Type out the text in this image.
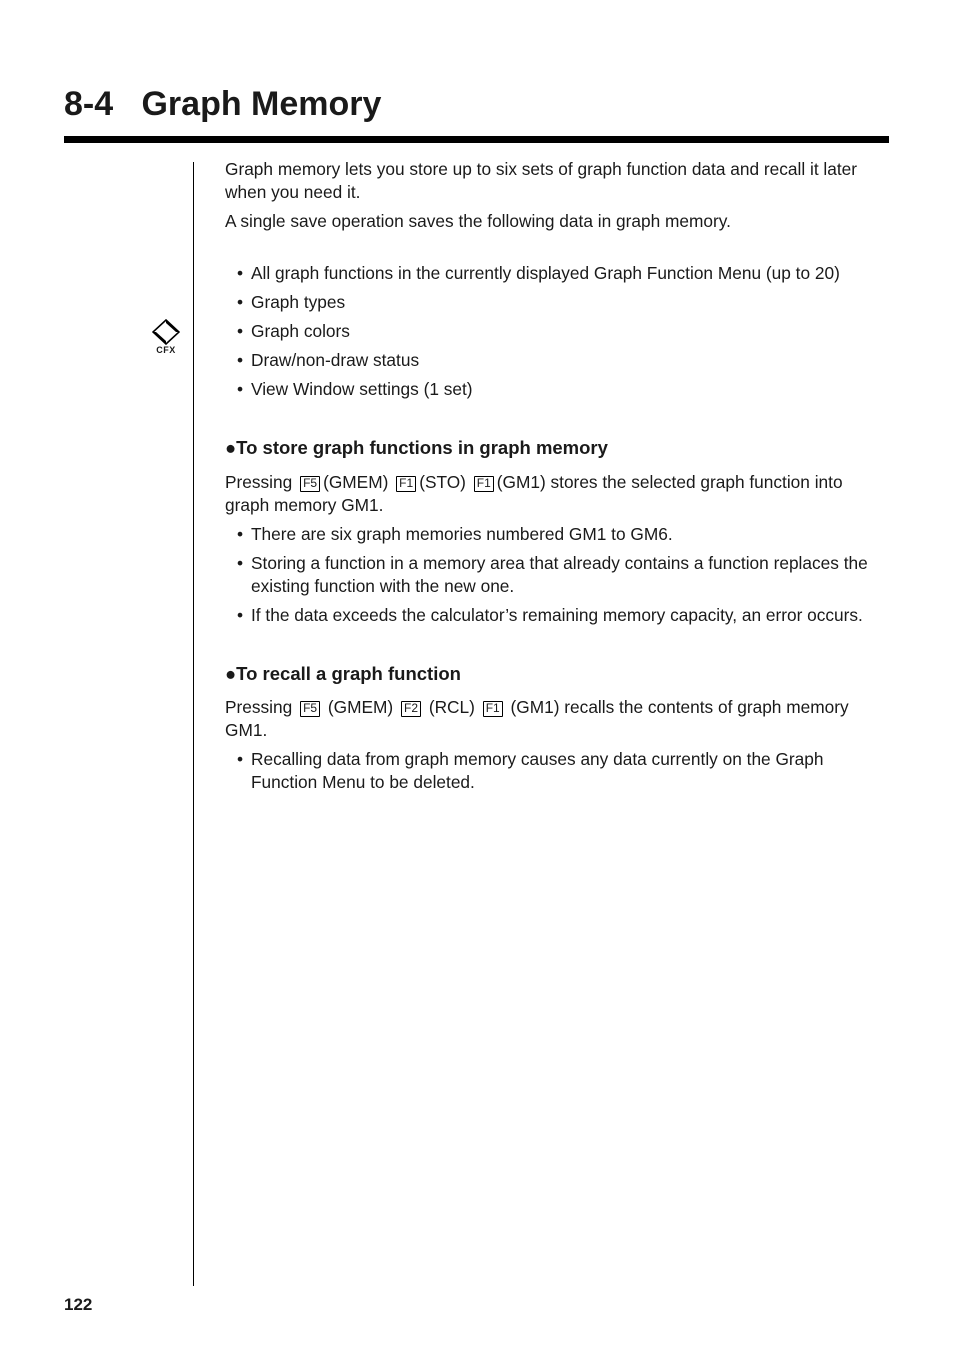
8-4   Graph Memory
CFX

Graph memory lets you store up to six sets of graph function data and recall it later when you need it.

A single save operation saves the following data in graph memory.

• All graph functions in the currently displayed Graph Function Menu (up to 20)
• Graph types
• Graph colors
• Draw/non-draw status
• View Window settings (1 set)

●To store graph functions in graph memory

Pressing F5 (GMEM) F1 (STO) F1 (GM1) stores the selected graph function into graph memory GM1.

• There are six graph memories numbered GM1 to GM6.
• Storing a function in a memory area that already contains a function replaces the existing function with the new one.
• If the data exceeds the calculator’s remaining memory capacity, an error occurs.

●To recall a graph function

Pressing F5 (GMEM) F2 (RCL) F1 (GM1) recalls the contents of graph memory GM1.

• Recalling data from graph memory causes any data currently on the Graph Function Menu to be deleted.
122
